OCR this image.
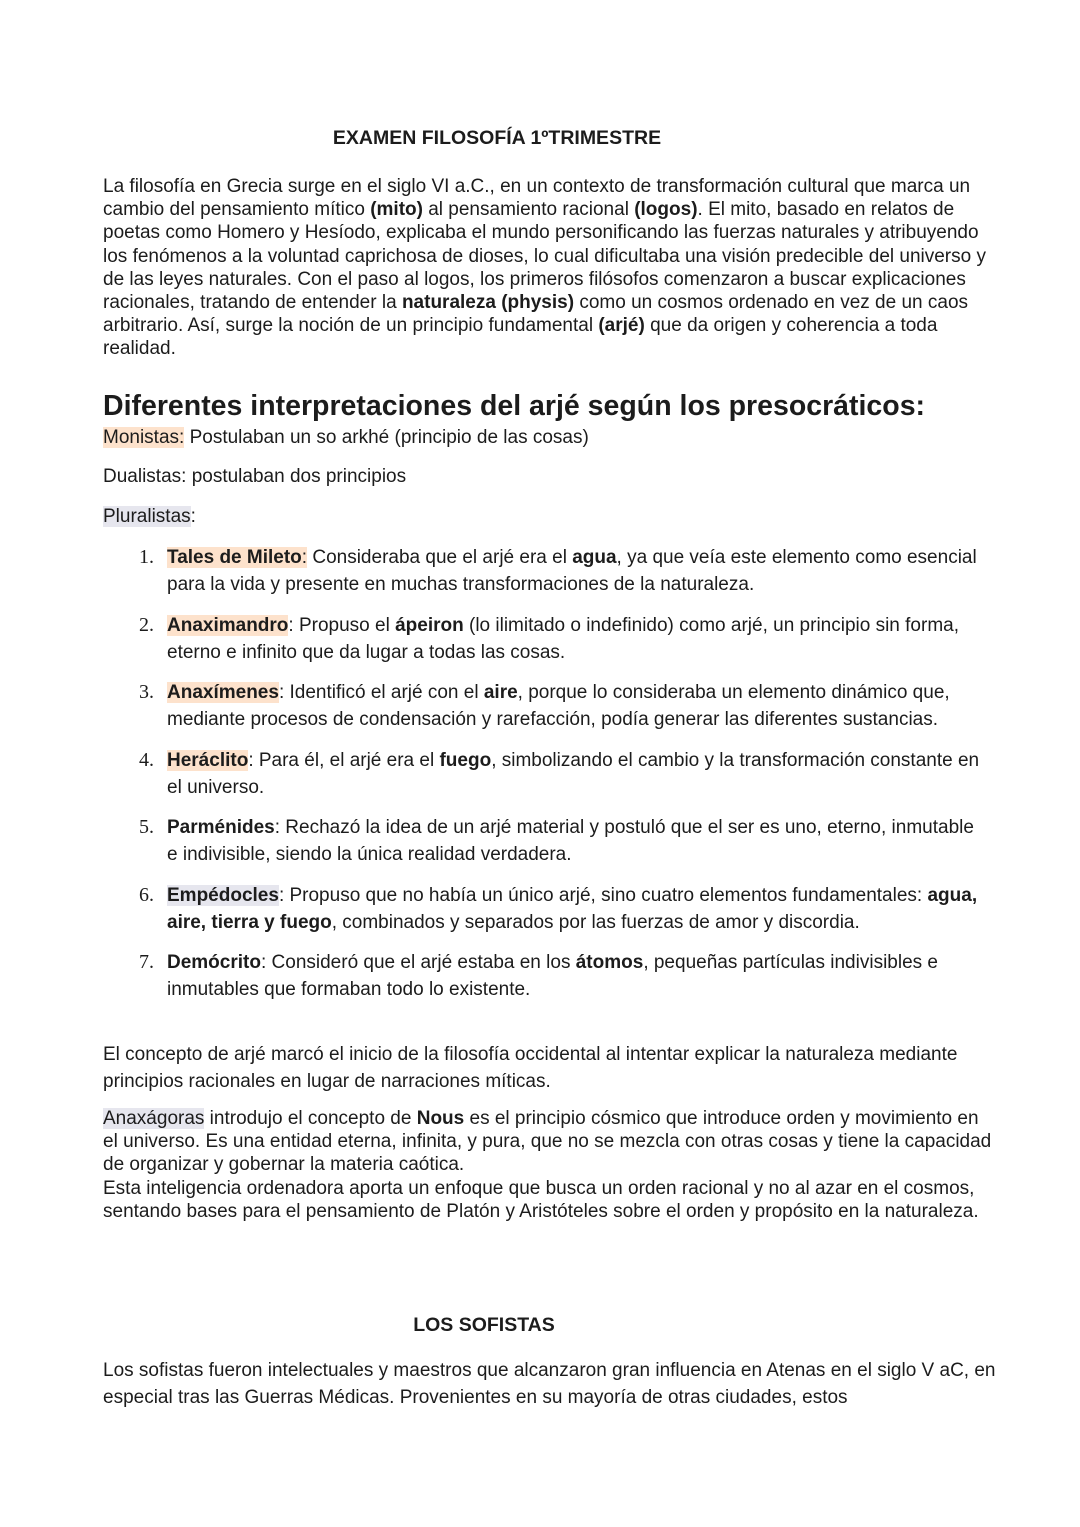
EXAMEN FILOSOFÍA 1ºTRIMESTRE

La filosofía en Grecia surge en el siglo VI a.C., en un contexto de transformación cultural que marca un cambio del pensamiento mítico (mito) al pensamiento racional (logos). El mito, basado en relatos de poetas como Homero y Hesíodo, explicaba el mundo personificando las fuerzas naturales y atribuyendo los fenómenos a la voluntad caprichosa de dioses, lo cual dificultaba una visión predecible del universo y de las leyes naturales. Con el paso al logos, los primeros filósofos comenzaron a buscar explicaciones racionales, tratando de entender la naturaleza (physis) como un cosmos ordenado en vez de un caos arbitrario. Así, surge la noción de un principio fundamental (arjé) que da origen y coherencia a toda realidad.

Diferentes interpretaciones del arjé según los presocráticos:

Monistas: Postulaban un so arkhé (principio de las cosas)

Dualistas: postulaban dos principios

Pluralistas:

1. Tales de Mileto: Consideraba que el arjé era el agua, ya que veía este elemento como esencial para la vida y presente en muchas transformaciones de la naturaleza.
2. Anaximandro: Propuso el ápeiron (lo ilimitado o indefinido) como arjé, un principio sin forma, eterno e infinito que da lugar a todas las cosas.
3. Anaxímenes: Identificó el arjé con el aire, porque lo consideraba un elemento dinámico que, mediante procesos de condensación y rarefacción, podía generar las diferentes sustancias.
4. Heráclito: Para él, el arjé era el fuego, simbolizando el cambio y la transformación constante en el universo.
5. Parménides: Rechazó la idea de un arjé material y postuló que el ser es uno, eterno, inmutable e indivisible, siendo la única realidad verdadera.
6. Empédocles: Propuso que no había un único arjé, sino cuatro elementos fundamentales: agua, aire, tierra y fuego, combinados y separados por las fuerzas de amor y discordia.
7. Demócrito: Consideró que el arjé estaba en los átomos, pequeñas partículas indivisibles e inmutables que formaban todo lo existente.

El concepto de arjé marcó el inicio de la filosofía occidental al intentar explicar la naturaleza mediante principios racionales en lugar de narraciones míticas.

Anaxágoras introdujo el concepto de Nous es el principio cósmico que introduce orden y movimiento en el universo. Es una entidad eterna, infinita, y pura, que no se mezcla con otras cosas y tiene la capacidad de organizar y gobernar la materia caótica.
Esta inteligencia ordenadora aporta un enfoque que busca un orden racional y no al azar en el cosmos, sentando bases para el pensamiento de Platón y Aristóteles sobre el orden y propósito en la naturaleza.

LOS SOFISTAS

Los sofistas fueron intelectuales y maestros que alcanzaron gran influencia en Atenas en el siglo V aC, en especial tras las Guerras Médicas. Provenientes en su mayoría de otras ciudades, estos
